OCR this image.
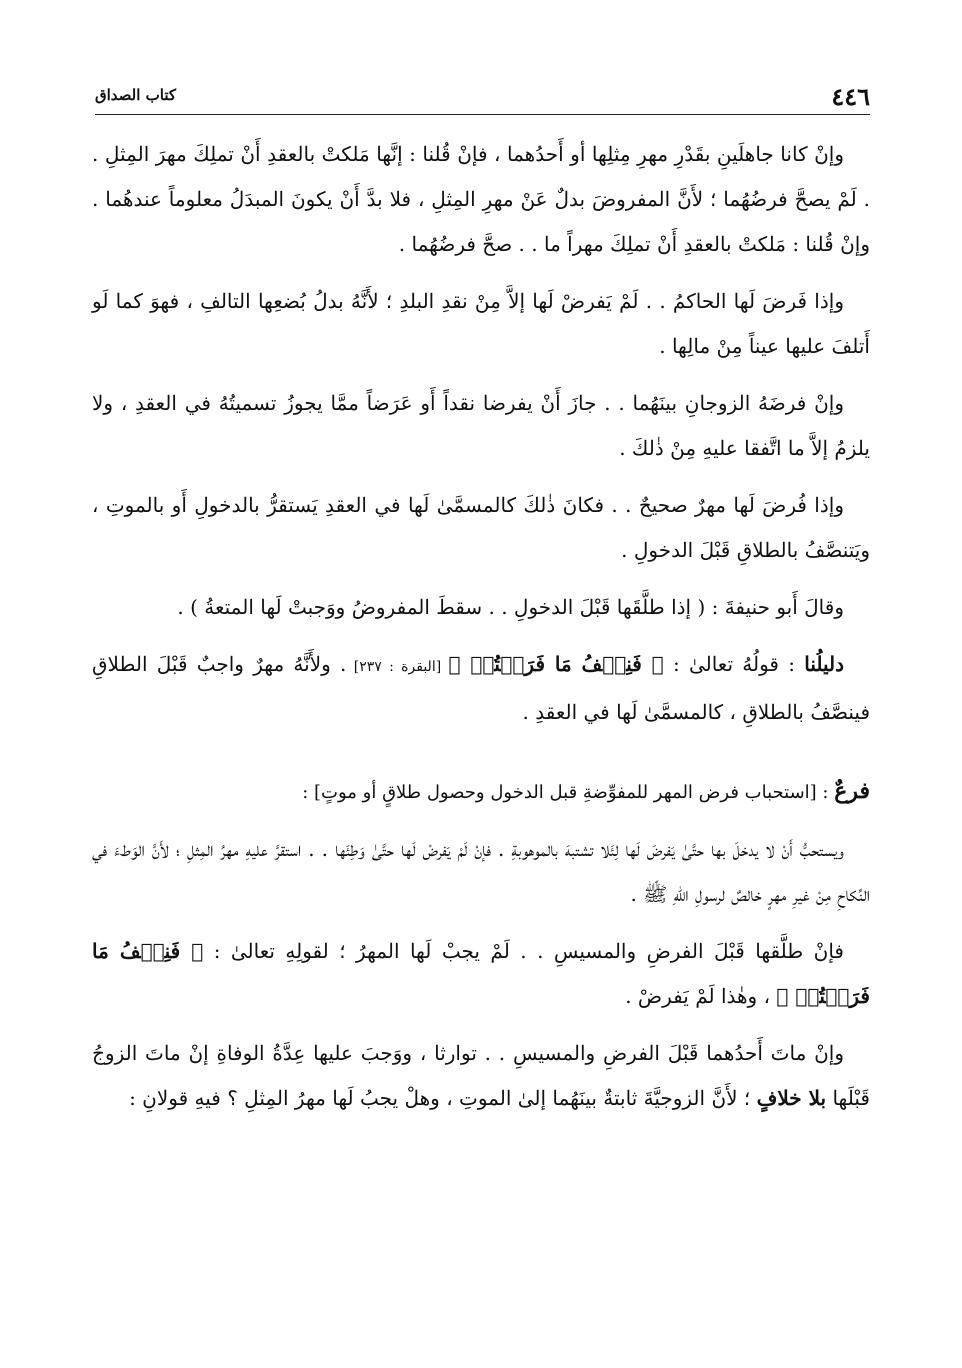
٤٤٦
كتاب الصداق

وإنْ كانا جاهلَينِ بقَدْرِ مهرِ مِثلِها أو أَحدُهما ، فإنْ قُلنا : إنَّها مَلكتْ بالعقدِ أَنْ تملِكَ مهرَ المِثلِ . . لَمْ يصحَّ فرضُهُما ؛ لأَنَّ المفروضَ بدلٌ عَنْ مهرِ المِثلِ ، فلا بدَّ أَنْ يكونَ المبدَلُ معلوماً عندهُما . وإنْ قُلنا : مَلكتْ بالعقدِ أَنْ تملِكَ مهراً ما . . صحَّ فرضُهُما .

وإذا فَرضَ لَها الحاكمُ . . لَمْ يَفرضْ لَها إلاَّ مِنْ نقدِ البلدِ ؛ لأَنَّهُ بدلُ بُضعِها التالفِ ، فهوَ كما لَو أَتلفَ عليها عيناً مِنْ مالِها .

وإنْ فرضَهُ الزوجانِ بينَهُما . . جازَ أَنْ يفرضا نقداً أَو عَرَضاً ممَّا يجوزُ تسميتُهُ في العقدِ ، ولا يلزمُ إلاَّ ما اتَّفقا عليهِ مِنْ ذٰلكَ .

وإذا فُرضَ لَها مهرٌ صحيحٌ . . فكانَ ذٰلكَ كالمسمَّىٰ لَها في العقدِ يَستقرُّ بالدخولِ أَو بالموتِ ، ويَتنصَّفُ بالطلاقِ قَبْلَ الدخولِ .

وقالَ أَبو حنيفةَ : ( إذا طلَّقَها قَبْلَ الدخولِ . . سقطَ المفروضُ ووَجبتْ لَها المتعةُ ) .

دليلُنا : قولُهُ تعالىٰ : ﴿ فَنِصۡفُ مَا فَرَضۡتُمۡ ﴾ [البقرة : ٢٣٧] . ولأَنَّهُ مهرٌ واجبٌ قَبْلَ الطلاقِ فينصَّفُ بالطلاقِ ، كالمسمَّىٰ لَها في العقدِ .

فرعٌ : [استحباب فرض المهر للمفوِّضةِ قبل الدخول وحصول طلاقٍ أو موتٍ] :

ويستحبُّ أَنْ لا يدخلَ بها حتَّىٰ يَفرضَ لَها لِئَلا تشتبهَ بالموهوبةِ . فإنْ لَمْ يَفرضْ لَها حتَّىٰ وَطِئَها . . استقرَّ عليهِ مهرُ المِثلِ ؛ لأَنَّ الوَطءَ في النِّكاحِ مِنْ غيرِ مهرٍ خالصٌ لرسولِ اللهِ ﷺ .

فإنْ طلَّقها قَبْلَ الفرضِ والمسيسِ . . لَمْ يجبْ لَها المهرُ ؛ لقولِهِ تعالىٰ : ﴿ فَنِصۡفُ مَا فَرَضۡتُمۡ ﴾ ، وهٰذا لَمْ يَفرضْ .

وإنْ ماتَ أَحدُهما قَبْلَ الفرضِ والمسيسِ . . توارثا ، ووَجبَ عليها عِدَّةُ الوفاةِ إنْ ماتَ الزوجُ قَبْلَها بلا خلافٍ ؛ لأَنَّ الزوجيَّةَ ثابتةٌ بينَهُما إلىٰ الموتِ ، وهلْ يجبُ لَها مهرُ المِثلِ ؟ فيهِ قولانِ :
